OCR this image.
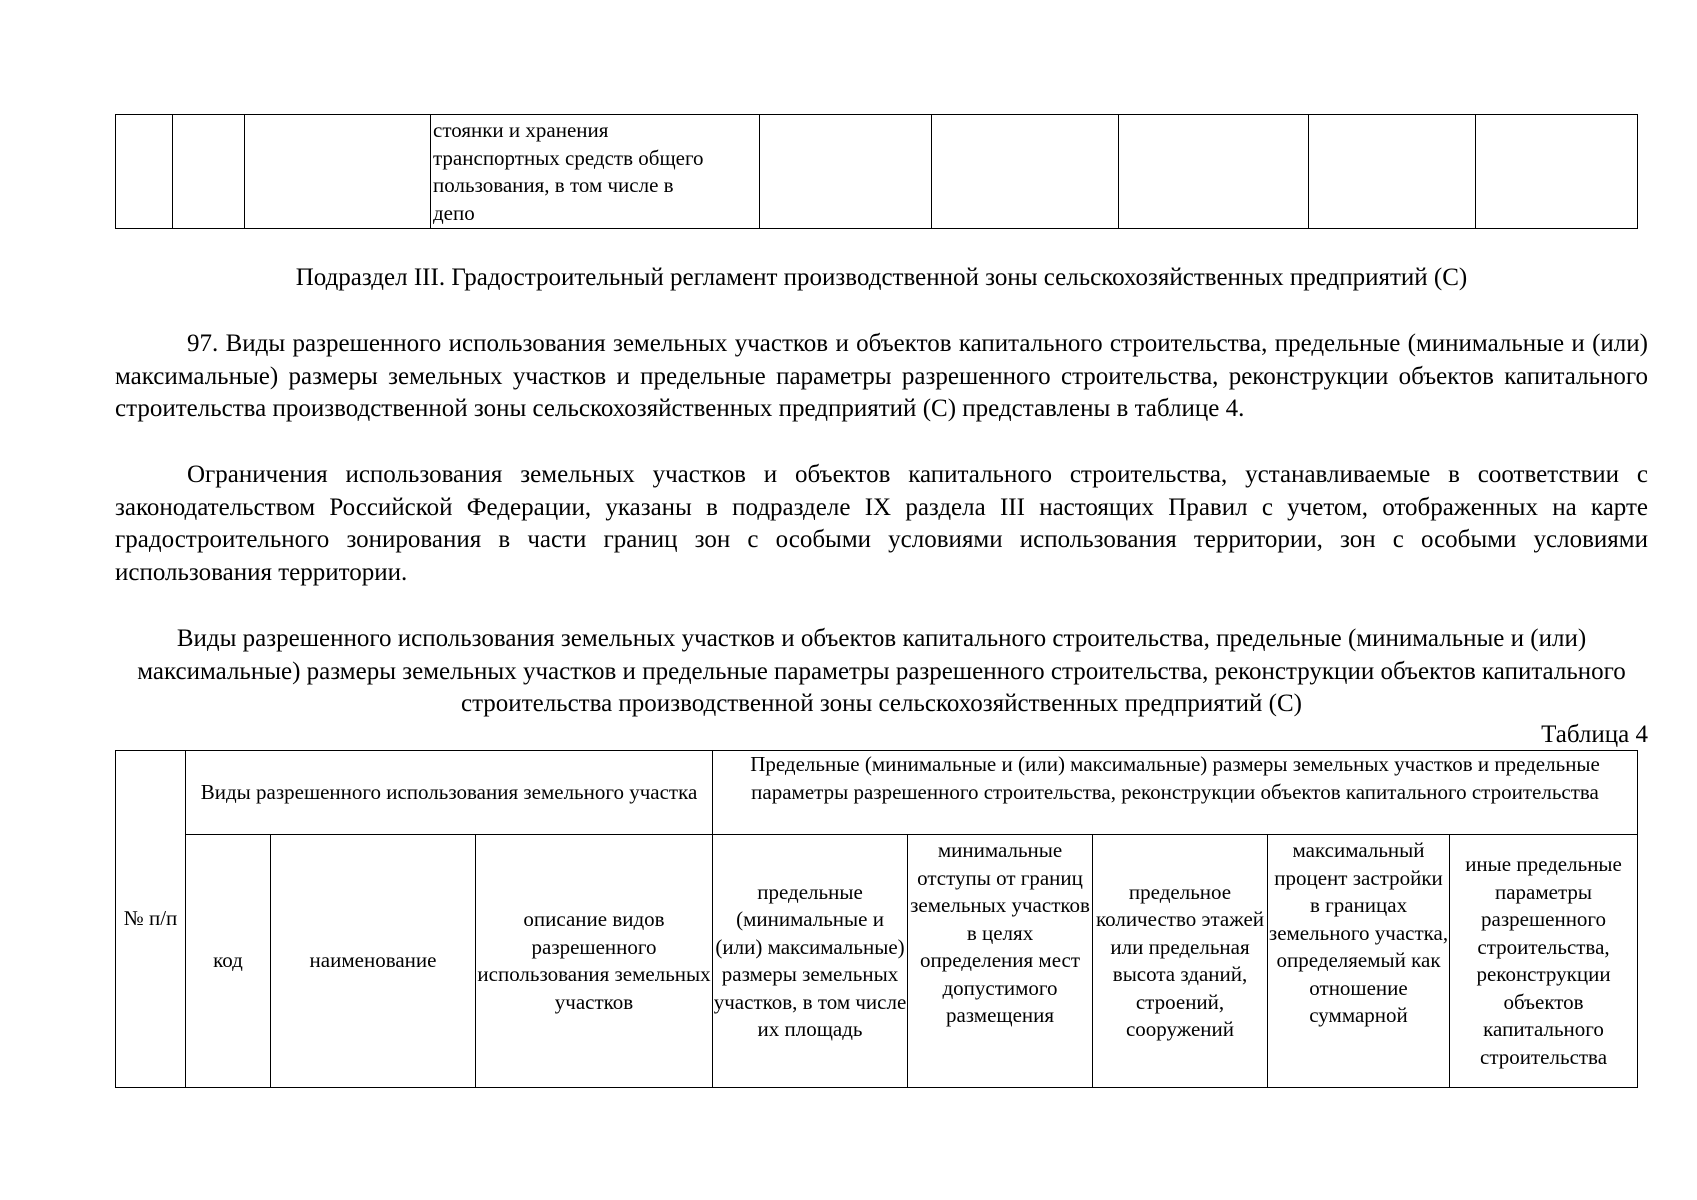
			стоянки и хранения
транспортных средств общего
пользования, в том числе в
депо					

Подраздел III. Градостроительный регламент производственной зоны сельскохозяйственных предприятий (С)

97. Виды разрешенного использования земельных участков и объектов капитального строительства, предельные (минимальные и (или) максимальные) размеры земельных участков и предельные параметры разрешенного строительства, реконструкции объектов капитального строительства производственной зоны сельскохозяйственных предприятий (С) представлены в таблице 4.

Ограничения использования земельных участков и объектов капитального строительства, устанавливаемые в соответствии с законодательством Российской Федерации, указаны в подразделе IX раздела III настоящих Правил с учетом, отображенных на карте градостроительного зонирования в части границ зон с особыми условиями использования территории, зон с особыми условиями использования территории.

Виды разрешенного использования земельных участков и объектов капитального строительства, предельные (минимальные и (или) максимальные) размеры земельных участков и предельные параметры разрешенного строительства, реконструкции объектов капитального строительства производственной зоны сельскохозяйственных предприятий (С)

Таблица 4

№ п/п	Виды разрешенного использования земельного участка			Предельные (минимальные и (или) максимальные) размеры земельных участков и предельные параметры разрешенного строительства, реконструкции объектов капитального строительства				
	код	наименование	описание видов разрешенного использования земельных участков	предельные (минимальные и (или) максимальные) размеры земельных участков, в том числе их площадь	минимальные отступы от границ земельных участков в целях определения мест допустимого размещения	предельное количество этажей или предельная высота зданий, строений, сооружений	максимальный процент застройки в границах земельного участка, определяемый как отношение суммарной	иные предельные параметры разрешенного строительства, реконструкции объектов капитального строительства
